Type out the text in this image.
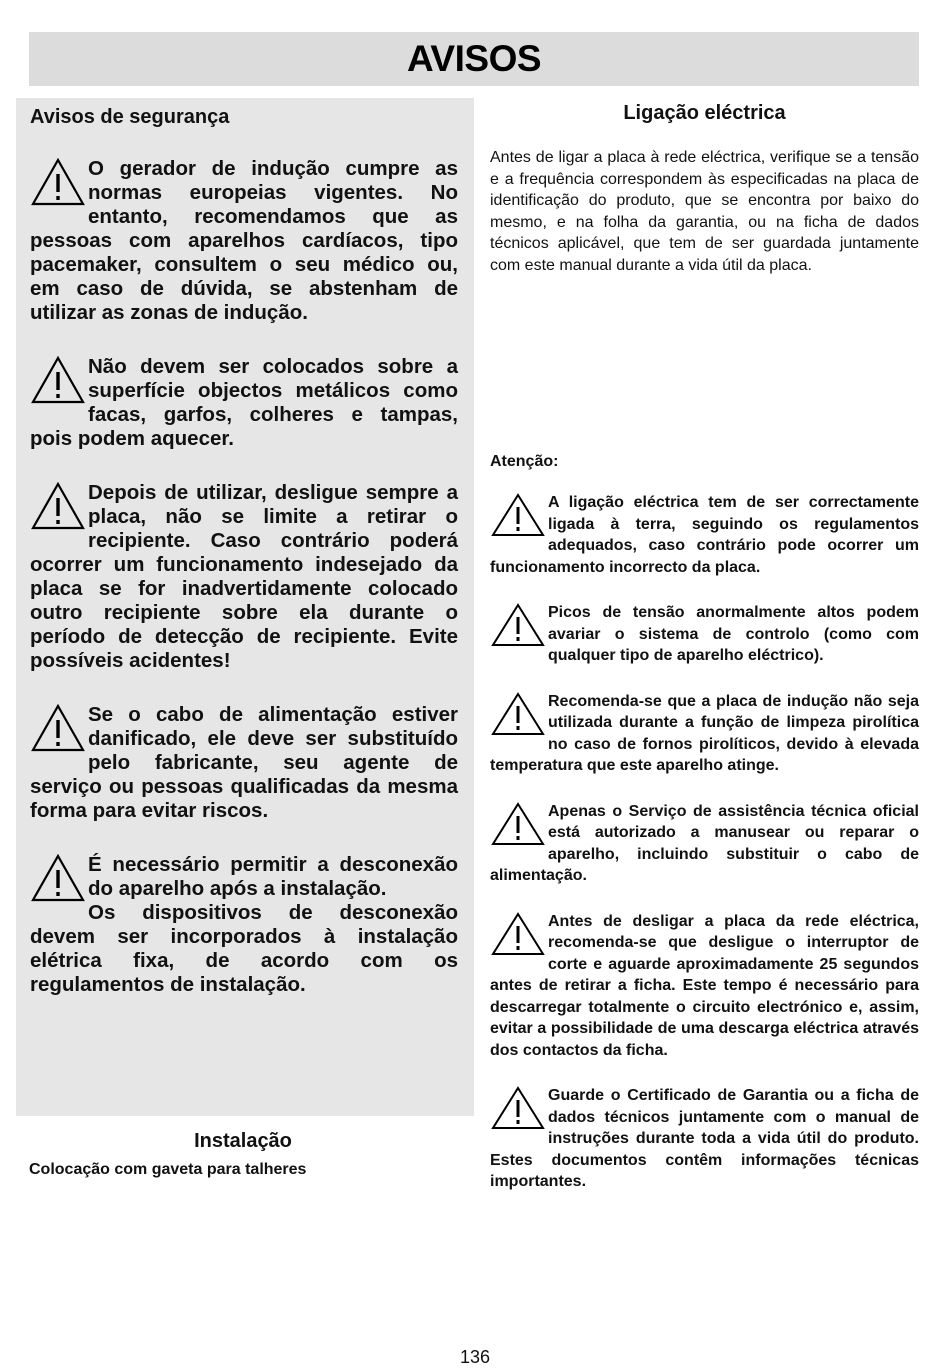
AVISOS
Avisos de segurança
O gerador de indução cumpre as normas europeias vigentes. No entanto, recomendamos que as pessoas com aparelhos cardíacos, tipo pacemaker, consultem o seu médico ou, em caso de dúvida, se abstenham de utilizar as zonas de indução.
Não devem ser colocados sobre a superfície objectos metálicos como facas, garfos, colheres e tampas, pois podem aquecer.
Depois de utilizar, desligue sempre a placa, não se limite a retirar o recipiente. Caso contrário poderá ocorrer um funcionamento indesejado da placa se for inadvertidamente colocado outro recipiente sobre ela durante o período de detecção de recipiente. Evite possíveis acidentes!
Se o cabo de alimentação estiver danificado, ele deve ser substituído pelo fabricante, seu agente de serviço ou pessoas qualificadas da mesma forma para evitar riscos.
É necessário permitir a desconexão do aparelho após a instalação.
Os dispositivos de desconexão devem ser incorporados à instalação elétrica fixa, de acordo com os regulamentos de instalação.
Instalação

Colocação com gaveta para talheres

Ligação eléctrica

Antes de ligar a placa à rede eléctrica, verifique se a tensão e a frequência correspondem às especificadas na placa de identificação do produto, que se encontra por baixo do mesmo, e na folha da garantia, ou na ficha de dados técnicos aplicável, que tem de ser guardada juntamente com este manual durante a vida útil da placa.

Atenção:
A ligação eléctrica tem de ser correctamente ligada à terra, seguindo os regulamentos adequados, caso contrário pode ocorrer um funcionamento incorrecto da placa.
Picos de tensão anormalmente altos podem avariar o sistema de controlo (como com qualquer tipo de aparelho eléctrico).
Recomenda-se que a placa de indução não seja utilizada durante a função de limpeza pirolítica no caso de fornos pirolíticos, devido à elevada temperatura que este aparelho atinge.
Apenas o Serviço de assistência técnica oficial está autorizado a manusear ou reparar o aparelho, incluindo substituir o cabo de alimentação.
Antes de desligar a placa da rede eléctrica, recomenda-se que desligue o interruptor de corte e aguarde aproximadamente 25 segundos antes de retirar a ficha. Este tempo é necessário para descarregar totalmente o circuito electrónico e, assim, evitar a possibilidade de uma descarga eléctrica através dos contactos da ficha.
Guarde o Certificado de Garantia ou a ficha de dados técnicos juntamente com o manual de instruções durante toda a vida útil do produto. Estes documentos contêm informações técnicas importantes.
136
